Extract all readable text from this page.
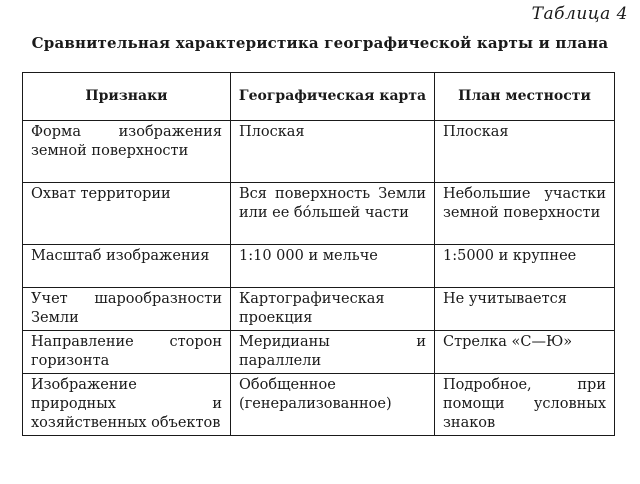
Таблица 4
Сравнительная характеристика географической карты и плана
Признаки	Географическая карта	План местности
Форма изображения земной поверхности	Плоская	Плоская
Охват территории	Вся поверхность Земли или ее бо́льшей части	Небольшие участки земной поверхности
Масштаб изображения	1:10 000 и мельче	1:5000 и крупнее
Учет шарообразности Земли	Картографическая проекция	Не учитывается
Направление сторон горизонта	Меридианы и параллели	Стрелка «С—Ю»
Изображение природных и хозяйственных объектов	Обобщенное (генерализованное)	Подробное, при помощи условных знаков
